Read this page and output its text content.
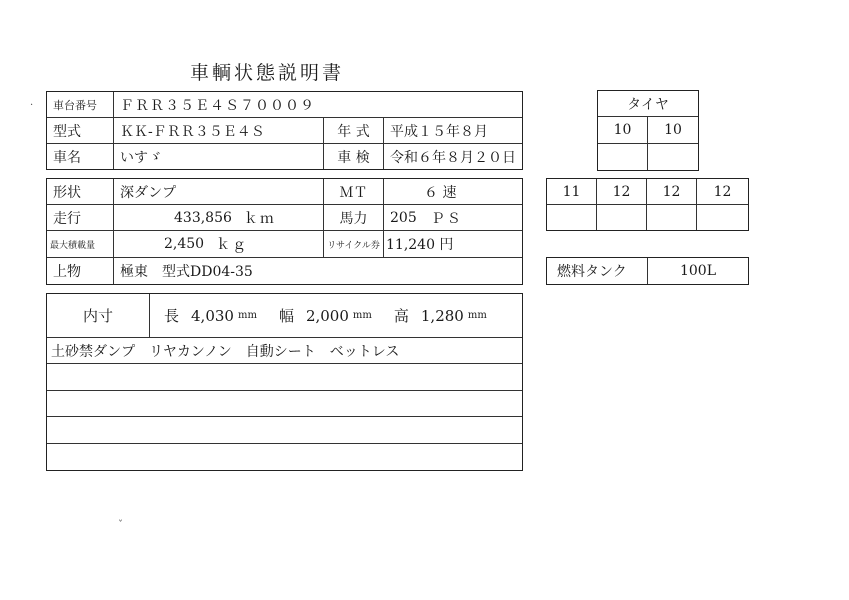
車輌状態説明書
車台番号	ＦＲＲ３５Ｅ４Ｓ７０００９
型式	ＫＫ-ＦＲＲ３５Ｅ４Ｓ	年 式	平成１５年８月
車名	いすゞ	車 検	令和６年８月２０日
形状	深ダンプ	ＭＴ	６ 速
走行	433,856 ｋｍ	馬力	205 ＰＳ
最大積載量	2,450 ｋｇ	リサイクル券 11,240 円
上物	極東　型式DD04-35
内寸	長 4,030 mm 幅 2,000 mm 高 1,280 mm
土砂禁ダンプ　リヤカンノン　自動シート　ベットレス
タイヤ
10	10
11	12	12	12
燃料タンク	100L
·
ˇ
